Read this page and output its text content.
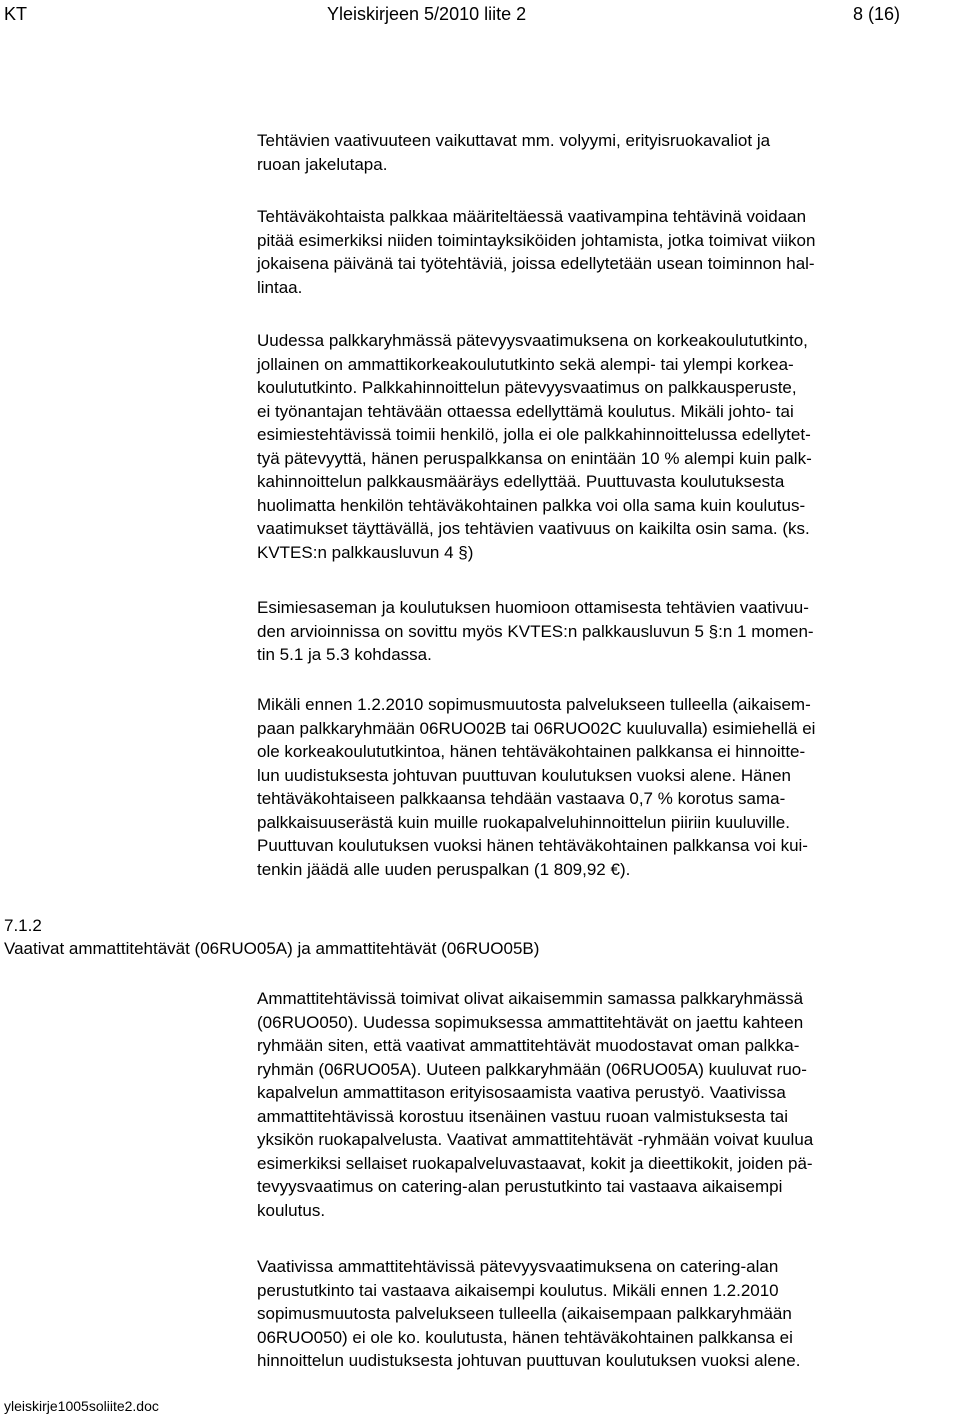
KT	Yleiskirjeen 5/2010 liite 2	8 (16)
Tehtävien vaativuuteen vaikuttavat mm. volyymi, erityisruokavaliot ja
ruoan jakelutapa.
Tehtäväkohtaista palkkaa määriteltäessä vaativampina tehtävinä voidaan
pitää esimerkiksi niiden toimintayksiköiden johtamista, jotka toimivat viikon
jokaisena päivänä tai työtehtäviä, joissa edellytetään usean toiminnon hal-
lintaa.
Uudessa palkkaryhmässä pätevyysvaatimuksena on korkeakoulututkinto,
jollainen on ammattikorkeakoulututkinto sekä alempi- tai ylempi korkea-
koulututkinto. Palkkahinnoittelun pätevyysvaatimus on palkkausperuste,
ei työnantajan tehtävään ottaessa edellyttämä koulutus. Mikäli johto- tai
esimiestehtävissä toimii henkilö, jolla ei ole palkkahinnoittelussa edellytet-
tyä pätevyyttä, hänen peruspalkkansa on enintään 10 % alempi kuin palk-
kahinnoittelun palkkausmääräys edellyttää. Puuttuvasta koulutuksesta
huolimatta henkilön tehtäväkohtainen palkka voi olla sama kuin koulutus-
vaatimukset täyttävällä, jos tehtävien vaativuus on kaikilta osin sama. (ks.
KVTES:n palkkausluvun 4 §)
Esimiesaseman ja koulutuksen huomioon ottamisesta tehtävien vaativuu-
den arvioinnissa on sovittu myös KVTES:n palkkausluvun 5 §:n 1 momen-
tin 5.1 ja 5.3 kohdassa.
Mikäli ennen 1.2.2010 sopimusmuutosta palvelukseen tulleella (aikaisem-
paan palkkaryhmään 06RUO02B tai 06RUO02C kuuluvalla) esimiehellä ei
ole korkeakoulututkintoa, hänen tehtäväkohtainen palkkansa ei hinnoitte-
lun uudistuksesta johtuvan puuttuvan koulutuksen vuoksi alene. Hänen
tehtäväkohtaiseen palkkaansa tehdään vastaava 0,7 % korotus sama-
palkkaisuuserästä kuin muille ruokapalveluhinnoittelun piiriin kuuluville.
Puuttuvan koulutuksen vuoksi hänen tehtäväkohtainen palkkansa voi kui-
tenkin jäädä alle uuden peruspalkan (1 809,92 €).
7.1.2
Vaativat ammattitehtävät (06RUO05A) ja ammattitehtävät (06RUO05B)
Ammattitehtävissä toimivat olivat aikaisemmin samassa palkkaryhmässä
(06RUO050). Uudessa sopimuksessa ammattitehtävät on jaettu kahteen
ryhmään siten, että vaativat ammattitehtävät muodostavat oman palkka-
ryhmän (06RUO05A). Uuteen palkkaryhmään (06RUO05A) kuuluvat ruo-
kapalvelun ammattitason erityisosaamista vaativa perustyö. Vaativissa
ammattitehtävissä korostuu itsenäinen vastuu ruoan valmistuksesta tai
yksikön ruokapalvelusta. Vaativat ammattitehtävät -ryhmään voivat kuulua
esimerkiksi sellaiset ruokapalveluvastaavat, kokit ja dieettikokit, joiden pä-
tevyysvaatimus on catering-alan perustutkinto tai vastaava aikaisempi
koulutus.
Vaativissa ammattitehtävissä pätevyysvaatimuksena on catering-alan
perustutkinto tai vastaava aikaisempi koulutus. Mikäli ennen 1.2.2010
sopimusmuutosta palvelukseen tulleella (aikaisempaan palkkaryhmään
06RUO050) ei ole ko. koulutusta, hänen tehtäväkohtainen palkkansa ei
hinnoittelun uudistuksesta johtuvan puuttuvan koulutuksen vuoksi alene.
yleiskirje1005soliite2.doc
